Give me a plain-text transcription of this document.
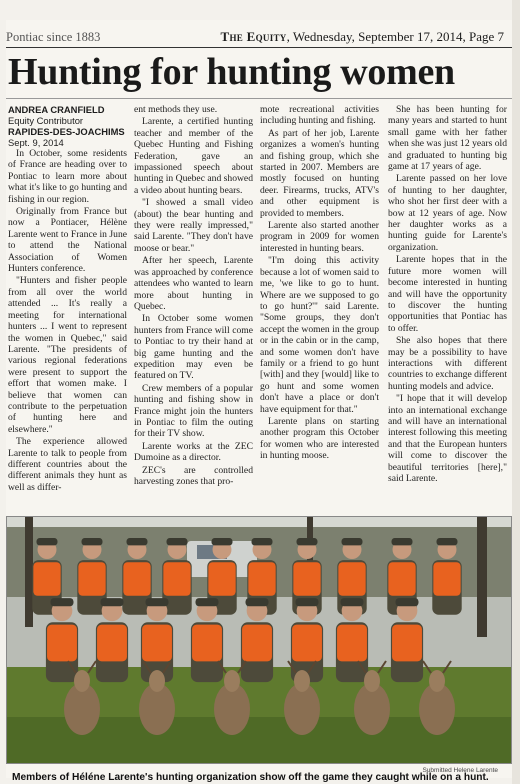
Pontiac since 1883	The Equity, Wednesday, September 17, 2014, Page 7
Hunting for hunting women
ANDREA CRANFIELD
Equity Contributor
RAPIDES-DES-JOACHIMS
Sept. 9, 2014

In October, some residents of France are heading over to Pontiac to learn more about what it's like to go hunting and fishing in our region.

Originally from France but now a Pontiacer, Hélène Larente went to France in June to attend the National Association of Women Hunters conference.

"Hunters and fisher people from all over the world attended ... It's really a meeting for international hunters ... I went to represent the women in Quebec," said Larente. "The presidents of various regional federations were present to support the effort that women make. I believe that women can contribute to the perpetuation of hunting here and elsewhere."

The experience allowed Larente to talk to people from different countries about the different animals they hunt as well as differ-

ent methods they use.

Larente, a certified hunting teacher and member of the Quebec Hunting and Fishing Federation, gave an impassioned speech about hunting in Quebec and showed a video about hunting bears.

"I showed a small video (about) the bear hunting and they were really impressed," said Larente. "They don't have moose or bear."

After her speech, Larente was approached by conference attendees who wanted to learn more about hunting in Quebec.

In October some women hunters from France will come to Pontiac to try their hand at big game hunting and the expedition may even be featured on TV.

Crew members of a popular hunting and fishing show in France might join the hunters in Pontiac to film the outing for their TV show.

Larente works at the ZEC Dumoine as a director.

ZEC's are controlled harvesting zones that pro-

mote recreational activities including hunting and fishing.

As part of her job, Larente organizes a women's hunting and fishing group, which she started in 2007. Members are mostly focused on hunting deer. Firearms, trucks, ATV's and other equipment is provided to members.

Larente also started another program in 2009 for women interested in hunting bears.

"I'm doing this activity because a lot of women said to me, 'we like to go to hunt. Where are we supposed to go to go hunt?'" said Larente. "Some groups, they don't accept the women in the group or in the cabin or in the camp, and some women don't have family or a friend to go hunt [with] and they [would] like to go hunt and some women don't have a place or don't have equipment for that."

Larente plans on starting another program this October for women who are interested in hunting moose.

She has been hunting for many years and started to hunt small game with her father when she was just 12 years old and graduated to hunting big game at 17 years of age.

Larente passed on her love of hunting to her daughter, who shot her first deer with a bow at 12 years of age. Now her daughter works as a hunting guide for Larente's organization.

Larente hopes that in the future more women will become interested in hunting and will have the opportunity to discover the hunting opportunities that Pontiac has to offer.

She also hopes that there may be a possibility to have interactions with different countries to exchange different hunting models and advice.

"I hope that it will develop into an international exchange and will have an international interest following this meeting and that the European hunters will come to discover the beautiful territories [here]," said Larente.

Submitted Helene Larente
Members of Héléne Larente's hunting organization show off the game they caught while on a hunt.
